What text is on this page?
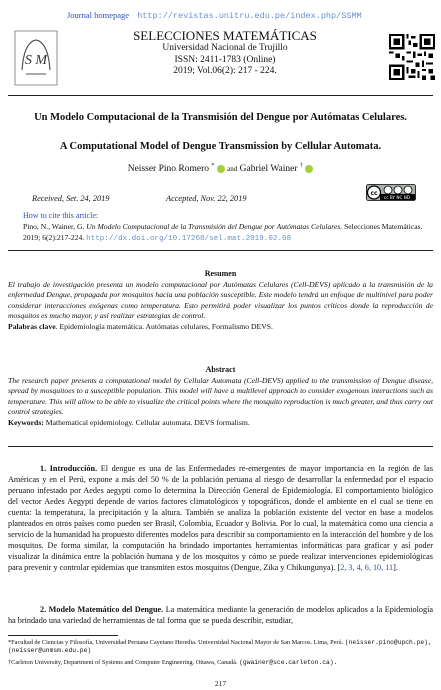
Journal homepage http://revistas.unitru.edu.pe/index.php/SSMM
S M
SELECCIONES MATEMÁTICAS
Universidad Nacional de Trujillo
ISSN: 2411-1783 (Online)
2019; Vol.06(2): 217 - 224.
Un Modelo Computacional de la Transmisión del Dengue por Autómatas Celulares.
A Computational Model of Dengue Transmission by Cellular Automata.
Neisser Pino Romero * and Gabriel Wainer †
Received, Set. 24, 2019	Accepted, Nov. 22, 2019
cc
cc BY NC ND
How to cite this article:
Pino, N., Wainer, G. Un Modelo Computacional de la Transmisión del Dengue por Autómatas Celulares. Selecciones Matemáticas. 2019; 6(2):217-224. http://dx.doi.org/10.17268/sel.mat.2019.02.08
Resumen
El trabajo de investigación presenta un modelo computacional por Autómatas Celulares (Cell-DEVS) aplicado a la transmisión de la enfermedad Dengue, propagada por mosquitos hacia una población susceptible. Este modelo tendrá un enfoque de multinivel para poder considerar interacciones exógenas como temperatura. Esto permitirá poder visualizar los puntos críticos donde la reproducción de mosquitos es mucho mayor, y así realizar estrategias de control.
Palabras clave. Epidemiología matemática. Autómatas celulares, Formalismo DEVS.
Abstract
The research paper presents a computational model by Cellular Automata (Cell-DEVS) applied to the transmission of Dengue disease, spread by mosquitoes to a susceptible population. This model will have a multilevel approach to consider exogenous interactions such as temperature. This will allow to be able to visualize the critical points where the mosquito reproduction is much greater, and thus carry out control strategies.
Keywords: Mathematical epidemiology. Cellular automata. DEVS formalism.
1. Introducción. El dengue es una de las Enfermedades re-emergentes de mayor importancia en la región de las Américas y en el Perú, expone a más del 50 % de la población peruana al riesgo de desarrollar la enfermedad por el espacio peruano infestado por Aedes aegypti como lo determina la Dirección General de Epidemiología. El comportamiento biológico del vector Aedes Aegypti depende de varios factores climatológicos y topográficos, donde el ambiente en el cual se tiene en cuenta: la temperatura, la precipitación y la altura. También se analiza la población existente del vector en base a modelos planteados en otros países como pueden ser Brasil, Colombia, Ecuador y Bolivia. Por lo cual, la matemática como una ciencia a servicio de la humanidad ha propuesto diferentes modelos para describir su comportamiento en la interacción del hombre y de los mosquitos. De forma similar, la computación ha brindado importantes herramientas informáticas para graficar y así poder visualizar la dinámica entre la población humana y de los mosquitos y cómo se puede realizar intervenciones epidemiológicas para prevenir y controlar epidemias que transmiten estos mosquitos (Dengue, Zika y Chikungunya). [2, 3, 4, 6, 10, 11].
2. Modelo Matemático del Dengue. La matemática mediante la generación de modelos aplicados a la Epidemiología ha brindado una variedad de herramientas de tal forma que se pueda describir, estudiar,
*Facultad de Ciencias y Filosofía, Universidad Peruana Cayetano Heredia. Universidad Nacional Mayor de San Marcos. Lima, Perú. (neisser.pino@upch.pe),(neisser@unmsm.edu.pe)
†Carleton University, Department of Systems and Computer Engineering. Ottawa, Canadá. (gwainer@sce.carleton.ca).
217
